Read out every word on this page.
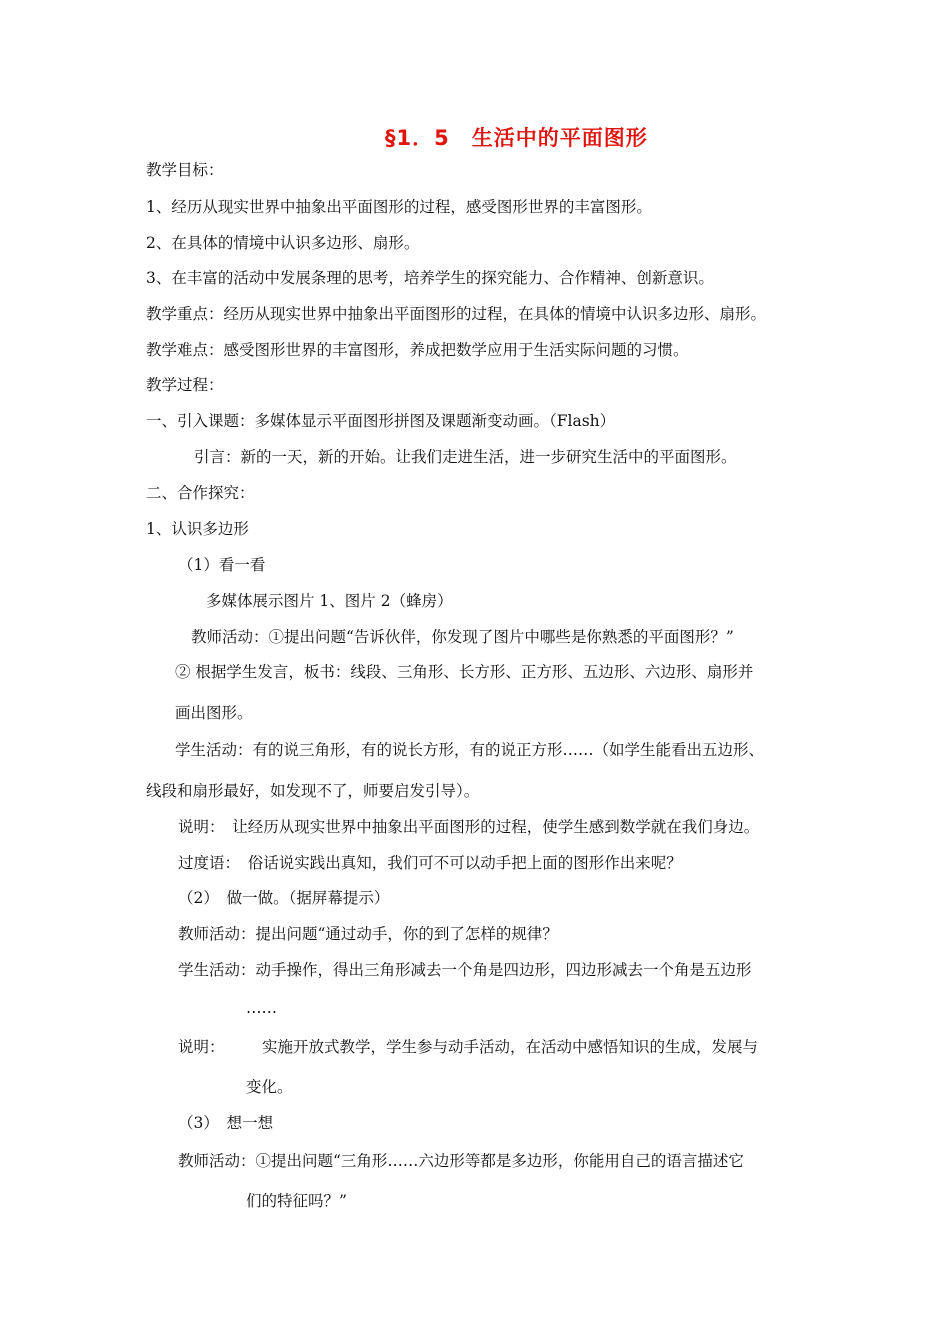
§1．5　生活中的平面图形
教学目标：
1、经历从现实世界中抽象出平面图形的过程，感受图形世界的丰富图形。
2、在具体的情境中认识多边形、扇形。
3、在丰富的活动中发展条理的思考，培养学生的探究能力、合作精神、创新意识。
教学重点：经历从现实世界中抽象出平面图形的过程，在具体的情境中认识多边形、扇形。
教学难点：感受图形世界的丰富图形，养成把数学应用于生活实际问题的习惯。
教学过程：
一、引入课题：多媒体显示平面图形拼图及课题渐变动画。（Flash）
引言：新的一天，新的开始。让我们走进生活，进一步研究生活中的平面图形。
二、合作探究：
1、认识多边形
（1）看一看
多媒体展示图片 1、图片 2（蜂房）
教师活动：①提出问题“告诉伙伴，你发现了图片中哪些是你熟悉的平面图形？”
② 根据学生发言，板书：线段、三角形、长方形、正方形、五边形、六边形、扇形并
画出图形。
学生活动：有的说三角形，有的说长方形，有的说正方形……（如学生能看出五边形、
线段和扇形最好，如发现不了，师要启发引导）。
说明：　让经历从现实世界中抽象出平面图形的过程，使学生感到数学就在我们身边。
过度语：　俗话说实践出真知，我们可不可以动手把上面的图形作出来呢？
（2）　做一做。（据屏幕提示）
教师活动：提出问题“通过动手，你的到了怎样的规律？
学生活动：动手操作，得出三角形减去一个角是四边形，四边形减去一个角是五边形
……
说明： 实施开放式教学，学生参与动手活动，在活动中感悟知识的生成，发展与
变化。
（3）　想一想
教师活动：①提出问题“三角形……六边形等都是多边形，你能用自己的语言描述它
们的特征吗？”
